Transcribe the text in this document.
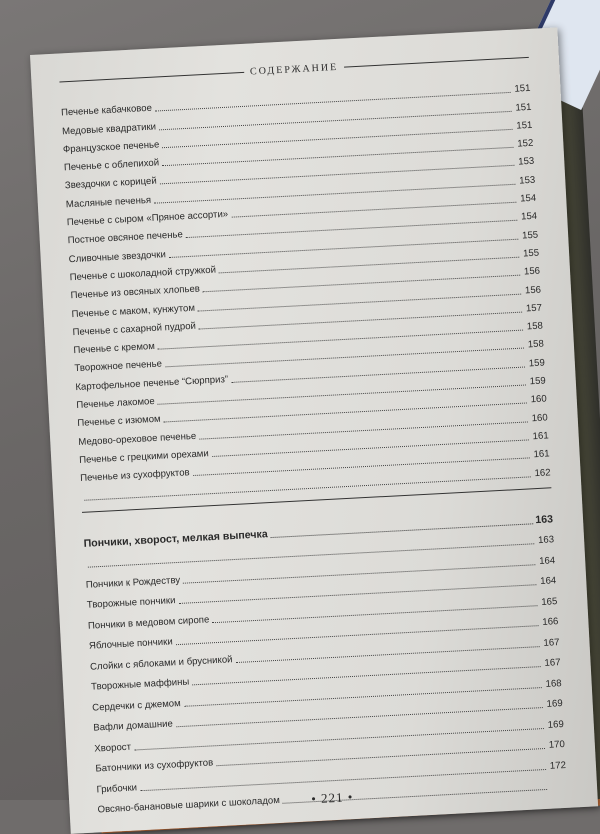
СОДЕРЖАНИЕ
Печенье кабачковое
151
Медовые квадратики
151
Французское печенье
151
Печенье с облепихой
152
Звездочки с корицей
153
Масляные печенья
153
Печенье с сыром «Пряное ассорти»
154
Постное овсяное печенье
154
Сливочные звездочки
155
Печенье с шоколадной стружкой
155
Печенье из овсяных хлопьев
156
Печенье с маком, кунжутом
156
Печенье с сахарной пудрой
157
Печенье с кремом
158
Творожное печенье
158
Картофельное печенье “Сюрприз”
159
Печенье лакомое
159
Печенье с изюмом
160
Медово-ореховое печенье
160
Печенье с грецкими орехами
161
Печенье из сухофруктов
161
162
Пончики, хворост, мелкая выпечка
163
163
Пончики к Рождеству
164
Творожные пончики
164
Пончики в медовом сиропе
165
Яблочные пончики
166
Слойки с яблоками и брусникой
167
Творожные маффины
167
Сердечки с джемом
168
Вафли домашние
169
Хворост
169
Батончики из сухофруктов
170
Грибочки
172
Овсяно-банановые шарики с шоколадом	• 221 •
